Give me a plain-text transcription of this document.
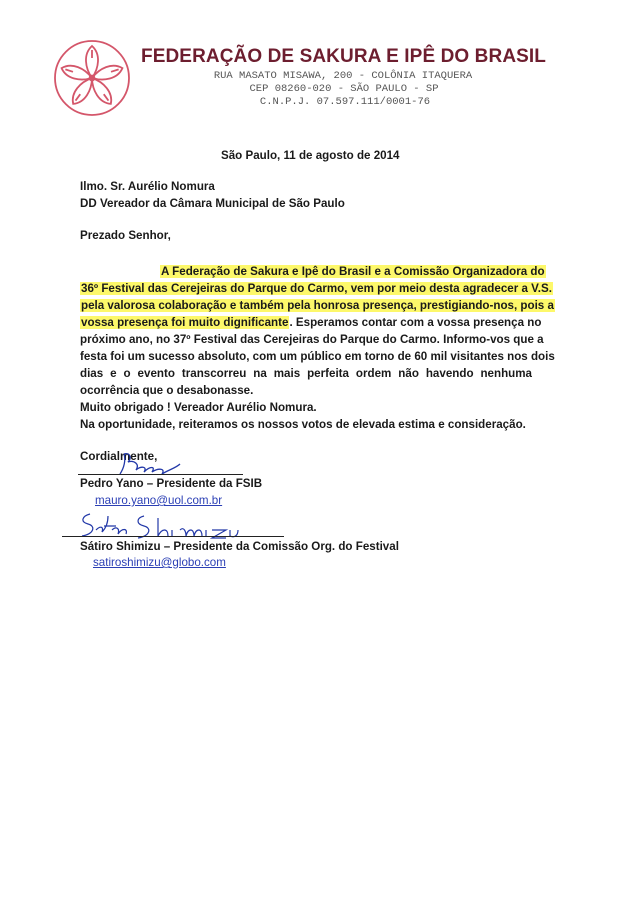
FEDERAÇÃO DE SAKURA E IPÊ DO BRASIL
RUA MASATO MISAWA, 200 - COLÔNIA ITAQUERA
CEP 08260-020 - SÃO PAULO - SP
C.N.P.J. 07.597.111/0001-76
São Paulo, 11 de agosto de 2014
Ilmo. Sr. Aurélio Nomura
DD Vereador da Câmara Municipal de São Paulo
Prezado Senhor,
A Federação de Sakura e Ipê do Brasil e a Comissão Organizadora do
36º Festival das Cerejeiras do Parque do Carmo, vem por meio desta agradecer a V.S.
pela valorosa colaboração e também pela honrosa presença, prestigiando-nos, pois a
vossa presença foi muito dignificante. Esperamos contar com a vossa presença no
próximo ano, no 37º Festival das Cerejeiras do Parque do Carmo. Informo-vos que a
festa foi um sucesso absoluto, com um público em torno de 60 mil visitantes nos dois
dias e o evento transcorreu na mais perfeita ordem não havendo nenhuma
ocorrência que o desabonasse.
Muito obrigado ! Vereador Aurélio Nomura.
Na oportunidade, reiteramos os nossos votos de elevada estima e consideração.
Cordialmente,
Pedro Yano – Presidente da FSIB
mauro.yano@uol.com.br
Sátiro Shimizu – Presidente da Comissão Org. do Festival
satiroshimizu@globo.com
